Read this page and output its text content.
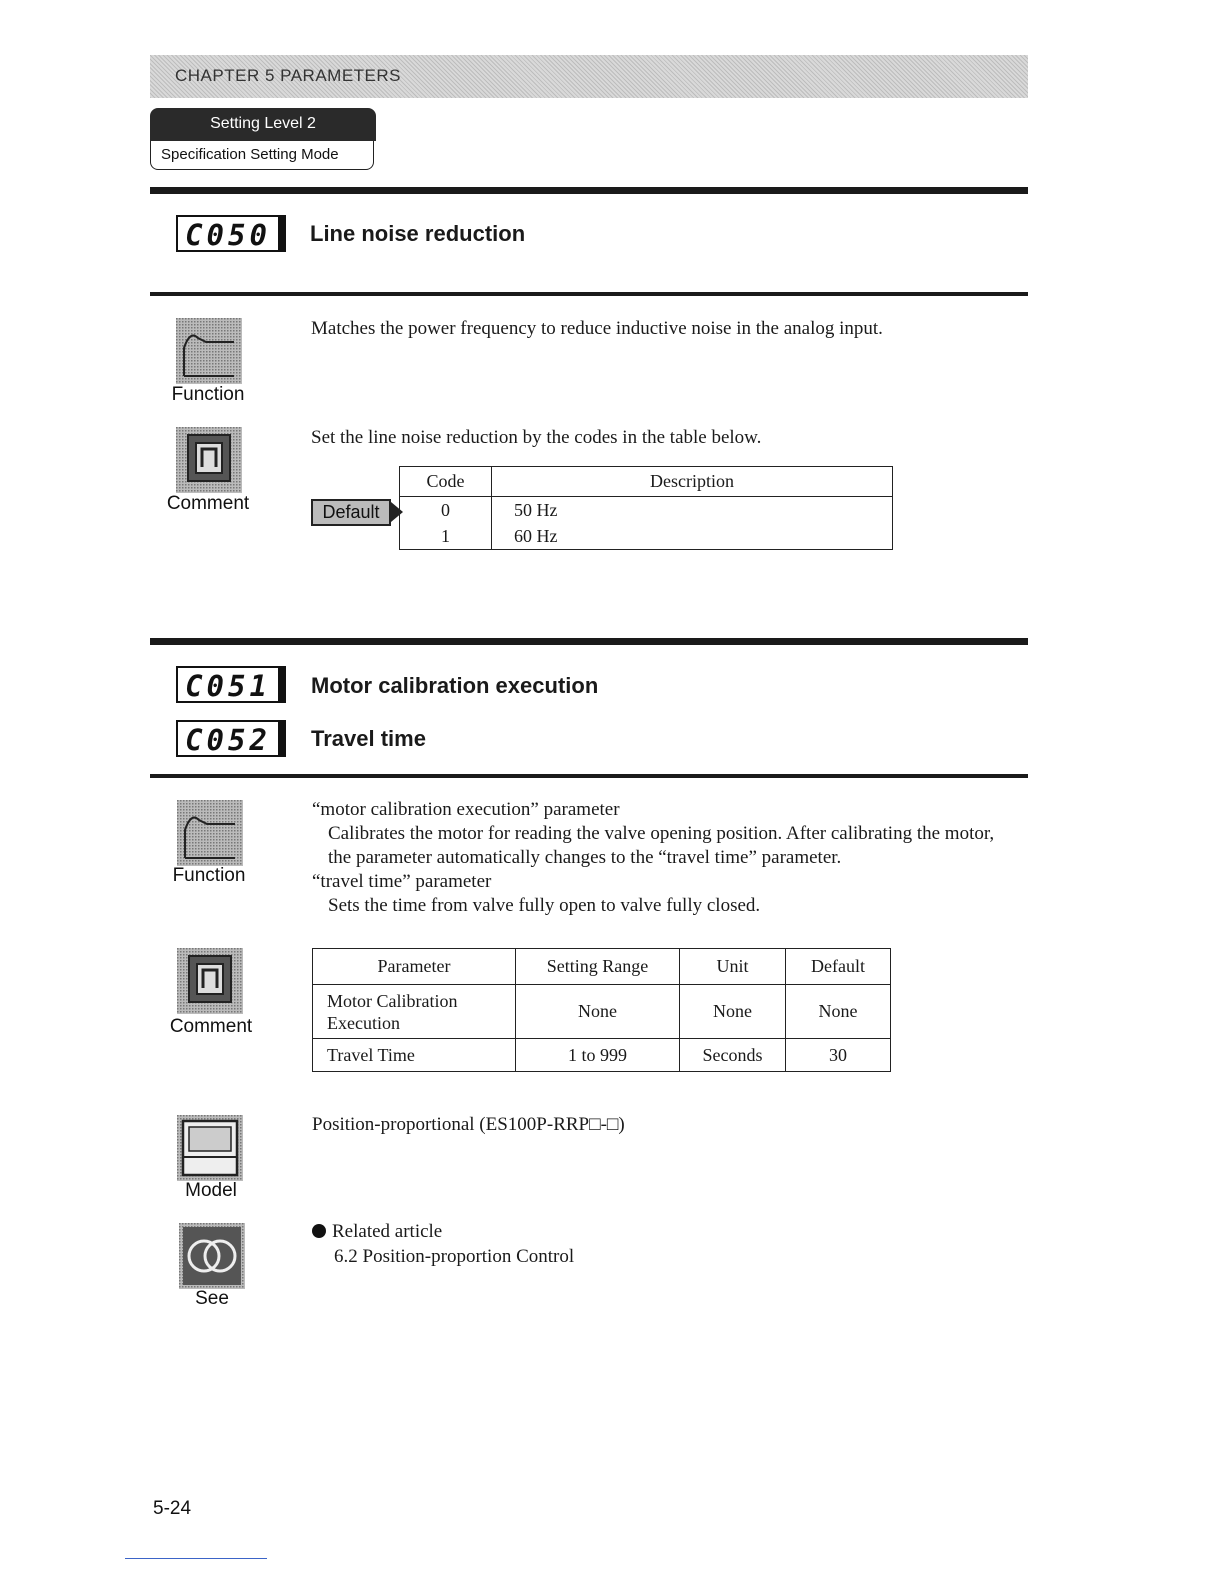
CHAPTER 5 PARAMETERS
Setting Level 2
Specification Setting Mode
C050	Line noise reduction
Function
Matches the power frequency to reduce inductive noise in the analog input.
Comment
Set the line noise reduction by the codes in the table below.
Default
Code	Description
0	50 Hz
1	60 Hz
C051	Motor calibration execution
C052	Travel time
Function
“motor calibration execution” parameter
Calibrates the motor for reading the valve opening position. After calibrating the motor,
the parameter automatically changes to the “travel time” parameter.
“travel time” parameter
Sets the time from valve fully open to valve fully closed.
Comment
Parameter	Setting Range	Unit	Default

Motor Calibration
Execution	None	None	None
Travel Time	1 to 999	Seconds	30
Model
Position-proportional (ES100P-RRP□-□)
See
Related article
6.2 Position-proportion Control
5-24
